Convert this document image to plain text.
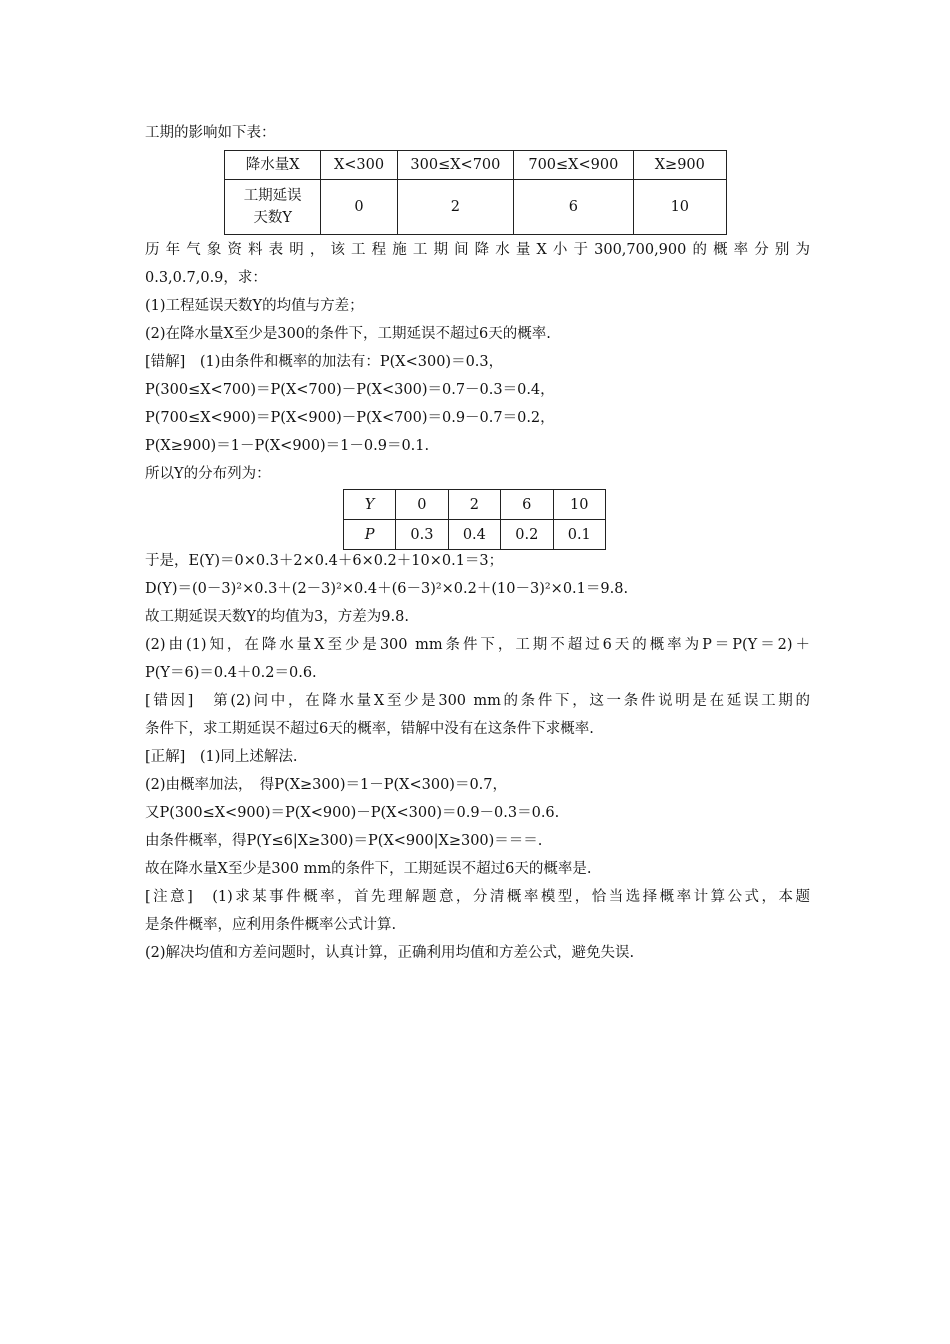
工期的影响如下表：
降水量X	X<300	300≤X<700	700≤X<900	X≥900

工期延误
天数Y	0	2	6	10
历年气象资料表明，该工程施工期间降水量X小于300,700,900的概率分别为
0.3,0.7,0.9，求：
(1)工程延误天数Y的均值与方差；
(2)在降水量X至少是300的条件下，工期延误不超过6天的概率.
[错解]　(1)由条件和概率的加法有：P(X<300)＝0.3，
P(300≤X<700)＝P(X<700)－P(X<300)＝0.7－0.3＝0.4，
P(700≤X<900)＝P(X<900)－P(X<700)＝0.9－0.7＝0.2，
P(X≥900)＝1－P(X<900)＝1－0.9＝0.1.
所以Y的分布列为：
Y	0	2	6	10
P	0.3	0.4	0.2	0.1
于是，E(Y)＝0×0.3＋2×0.4＋6×0.2＋10×0.1＝3；
D(Y)＝(0－3)²×0.3＋(2－3)²×0.4＋(6－3)²×0.2＋(10－3)²×0.1＝9.8.
故工期延误天数Y的均值为3，方差为9.8.
(2)由(1)知，在降水量X至少是300 mm条件下，工期不超过6天的概率为P＝P(Y＝2)＋
P(Y＝6)＝0.4＋0.2＝0.6.
[错因]　第(2)问中，在降水量X至少是300 mm的条件下，这一条件说明是在延误工期的
条件下，求工期延误不超过6天的概率，错解中没有在这条件下求概率.
[正解]　(1)同上述解法.
(2)由概率加法，　得P(X≥300)＝1－P(X<300)＝0.7，
又P(300≤X<900)＝P(X<900)－P(X<300)＝0.9－0.3＝0.6.
由条件概率，得P(Y≤6|X≥300)＝P(X<900|X≥300)＝＝＝.
故在降水量X至少是300 mm的条件下，工期延误不超过6天的概率是.
[注意]　(1)求某事件概率，首先理解题意，分清概率模型，恰当选择概率计算公式，本题
是条件概率，应利用条件概率公式计算.
(2)解决均值和方差问题时，认真计算，正确利用均值和方差公式，避免失误.
